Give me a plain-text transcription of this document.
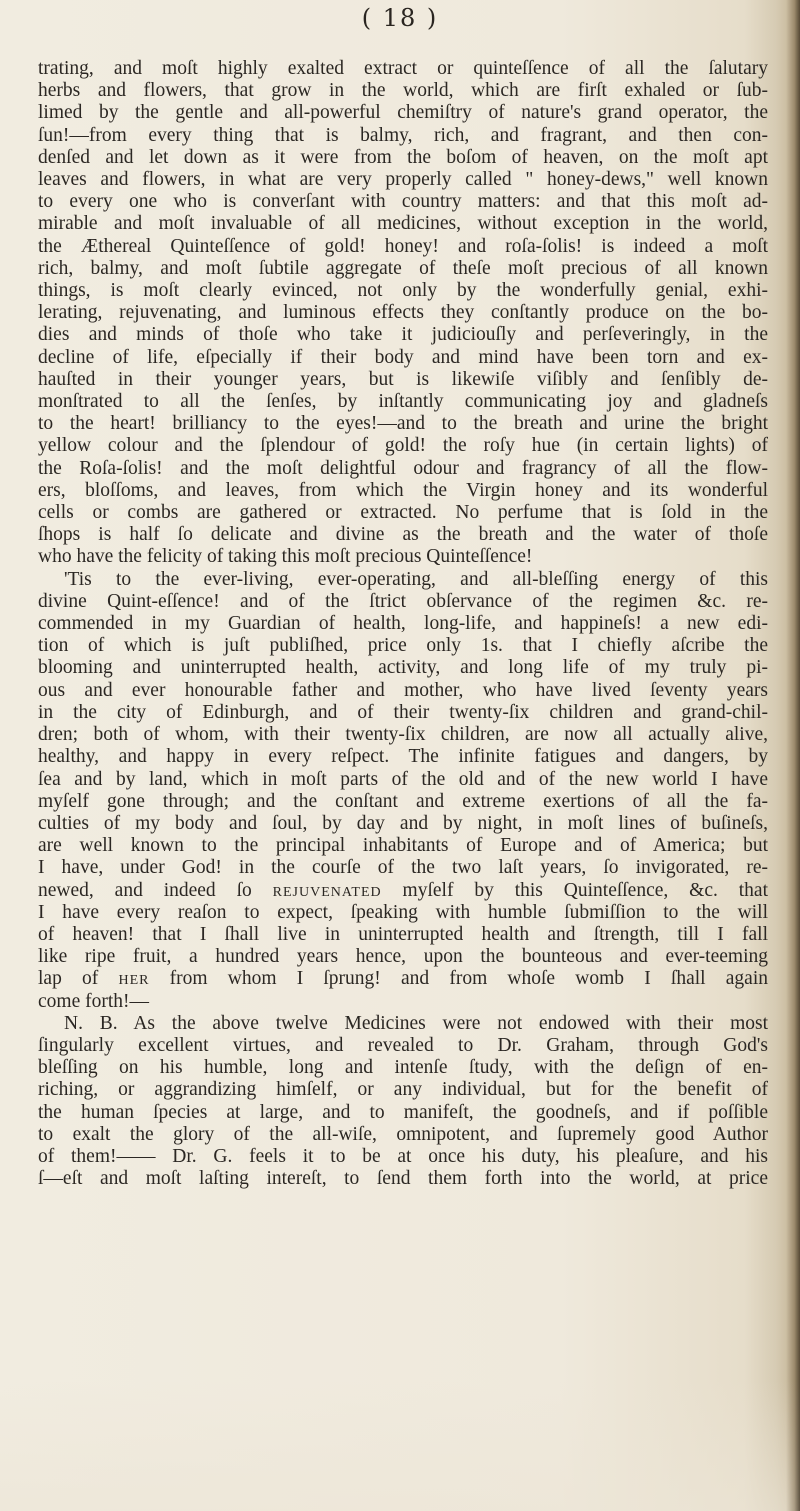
( 18 )
trating, and moſt highly exalted extract or quinteſſence of all the ſalutary
herbs and flowers, that grow in the world, which are firſt exhaled or ſub-
limed by the gentle and all-powerful chemiſtry of nature's grand operator, the
ſun!—from every thing that is balmy, rich, and fragrant, and then con-
denſed and let down as it were from the boſom of heaven, on the moſt apt
leaves and flowers, in what are very properly called " honey-dews," well known
to every one who is converſant with country matters: and that this moſt ad-
mirable and moſt invaluable of all medicines, without exception in the world,
the Æthereal Quinteſſence of gold! honey! and roſa-ſolis! is indeed a moſt
rich, balmy, and moſt ſubtile aggregate of theſe moſt precious of all known
things, is moſt clearly evinced, not only by the wonderfully genial, exhi-
lerating, rejuvenating, and luminous effects they conſtantly produce on the bo-
dies and minds of thoſe who take it judiciouſly and perſeveringly, in the
decline of life, eſpecially if their body and mind have been torn and ex-
hauſted in their younger years, but is likewiſe viſibly and ſenſibly de-
monſtrated to all the ſenſes, by inſtantly communicating joy and gladneſs
to the heart! brilliancy to the eyes!—and to the breath and urine the bright
yellow colour and the ſplendour of gold! the roſy hue (in certain lights) of
the Roſa-ſolis! and the moſt delightful odour and fragrancy of all the flow-
ers, bloſſoms, and leaves, from which the Virgin honey and its wonderful
cells or combs are gathered or extracted. No perfume that is ſold in the
ſhops is half ſo delicate and divine as the breath and the water of thoſe
who have the felicity of taking this moſt precious Quinteſſence!
'Tis to the ever-living, ever-operating, and all-bleſſing energy of this
divine Quint-eſſence! and of the ſtrict obſervance of the regimen &c. re-
commended in my Guardian of health, long-life, and happineſs! a new edi-
tion of which is juſt publiſhed, price only 1s. that I chiefly aſcribe the
blooming and uninterrupted health, activity, and long life of my truly pi-
ous and ever honourable father and mother, who have lived ſeventy years
in the city of Edinburgh, and of their twenty-ſix children and grand-chil-
dren; both of whom, with their twenty-ſix children, are now all actually alive,
healthy, and happy in every reſpect. The infinite fatigues and dangers, by
ſea and by land, which in moſt parts of the old and of the new world I have
myſelf gone through; and the conſtant and extreme exertions of all the fa-
culties of my body and ſoul, by day and by night, in moſt lines of buſineſs,
are well known to the principal inhabitants of Europe and of America; but
I have, under God! in the courſe of the two laſt years, ſo invigorated, re-
newed, and indeed ſo rejuvenated myſelf by this Quinteſſence, &c. that
I have every reaſon to expect, ſpeaking with humble ſubmiſſion to the will
of heaven! that I ſhall live in uninterrupted health and ſtrength, till I fall
like ripe fruit, a hundred years hence, upon the bounteous and ever-teeming
lap of her from whom I ſprung! and from whoſe womb I ſhall again
come forth!—
N. B. As the above twelve Medicines were not endowed with their most
ſingularly excellent virtues, and revealed to Dr. Graham, through God's
bleſſing on his humble, long and intenſe ſtudy, with the deſign of en-
riching, or aggrandizing himſelf, or any individual, but for the benefit of
the human ſpecies at large, and to manifeſt, the goodneſs, and if poſſible
to exalt the glory of the all-wiſe, omnipotent, and ſupremely good Author
of them!—— Dr. G. feels it to be at once his duty, his pleaſure, and his
ſ—eſt and moſt laſting intereſt, to ſend them forth into the world, at price
